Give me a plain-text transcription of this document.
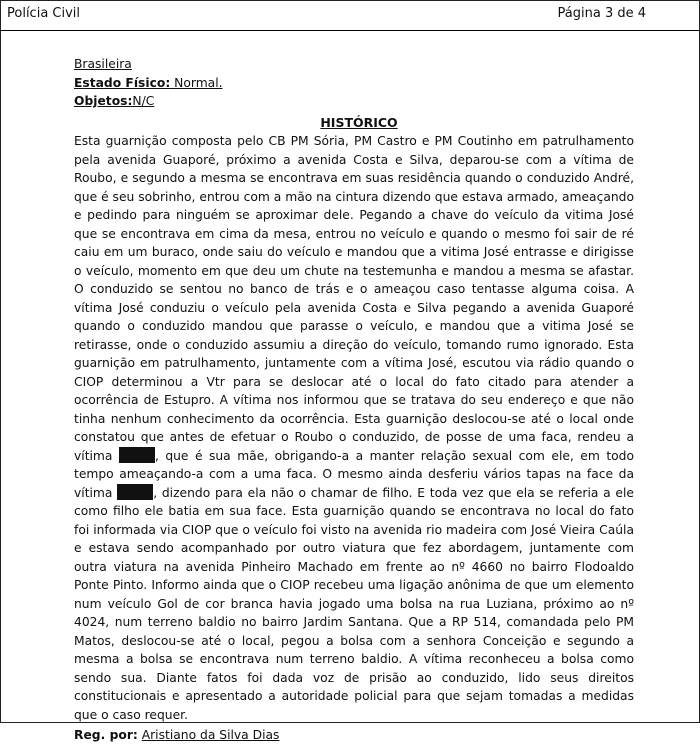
Polícia Civil	Página 3 de 4
Brasileira
Estado Físico: Normal.
Objetos:N/C
HISTÓRICO

Esta guarnição composta pelo CB PM Sória, PM Castro e PM Coutinho em patrulhamento pela avenida Guaporé, próximo a avenida Costa e Silva, deparou-se com a vítima de Roubo, e segundo a mesma se encontrava em suas residência quando o conduzido André, que é seu sobrinho, entrou com a mão na cintura dizendo que estava armado, ameaçando e pedindo para ninguém se aproximar dele. Pegando a chave do veículo da vitima José que se encontrava em cima da mesa, entrou no veículo e quando o mesmo foi sair de ré caiu em um buraco, onde saiu do veículo e mandou que a vitima José entrasse e dirigisse o veículo, momento em que deu um chute na testemunha e mandou a mesma se afastar. O conduzido se sentou no banco de trás e o ameaçou caso tentasse alguma coisa. A vítima José conduziu o veículo pela avenida Costa e Silva pegando a avenida Guaporé quando o conduzido mandou que parasse o veículo, e mandou que a vitima José se retirasse, onde o conduzido assumiu a direção do veículo, tomando rumo ignorado. Esta guarnição em patrulhamento, juntamente com a vítima José, escutou via rádio quando o CIOP determinou a Vtr para se deslocar até o local do fato citado para atender a ocorrência de Estupro. A vítima nos informou que se tratava do seu endereço e que não tinha nenhum conhecimento da ocorrência. Esta guarnição deslocou-se até o local onde constatou que antes de efetuar o Roubo o conduzido, de posse de uma faca, rendeu a vítima	, que é sua mãe, obrigando-a a manter relação sexual com ele, em todo tempo ameaçando-a com a uma faca. O mesmo ainda desferiu vários tapas na face da vítima	, dizendo para ela não o chamar de filho. E toda vez que ela se referia a ele como filho ele batia em sua face. Esta guarnição quando se encontrava no local do fato foi informada via CIOP que o veículo foi visto na avenida rio madeira com José Vieira Caúla e estava sendo acompanhado por outro viatura que fez abordagem, juntamente com outra viatura na avenida Pinheiro Machado em frente ao nº 4660 no bairro Flodoaldo Ponte Pinto. Informo ainda que o CIOP recebeu uma ligação anônima de que um elemento num veículo Gol de cor branca havia jogado uma bolsa na rua Luziana, próximo ao nº 4024, num terreno baldio no bairro Jardim Santana. Que a RP 514, comandada pelo PM Matos, deslocou-se até o local, pegou a bolsa com a senhora Conceição e segundo a mesma a bolsa se encontrava num terreno baldio. A vítima reconheceu a bolsa como sendo sua. Diante fatos foi dada voz de prisão ao conduzido, lido seus direitos constitucionais e apresentado a autoridade policial para que sejam tomadas a medidas que o caso requer.

Reg. por: Aristiano da Silva Dias
